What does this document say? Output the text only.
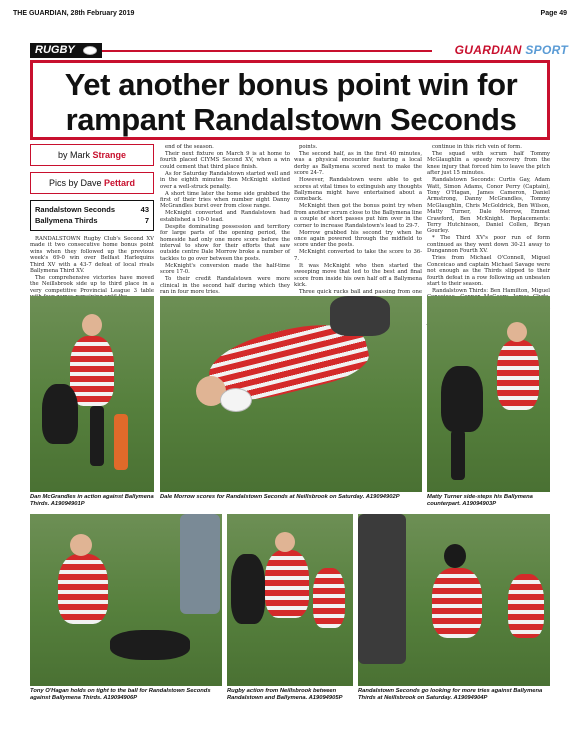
THE GUARDIAN, 28th February 2019	Page 49
RUGBY	GUARDIAN SPORT
Yet another bonus point win for rampant Randalstown Seconds
by Mark Strange
Pics by Dave Pettard
Randalstown Seconds	43
Ballymena Thirds	7

RANDALSTOWN Rugby Club's Second XV made it two consecutive home bonus point wins when they followed up the previous week's 69-0 win over Belfast Harlequins Third XV with a 43-7 defeat of local rivals Ballymena Third XV.

The comprehensive victories have moved the Neillsbrook side up to third place in a very competitive Provincial League 3 table

end of the season.

Their next fixture on March 9 is at home to fourth placed CIYMS Second XV, when a win could cement that third place finish.

As for Saturday Randalstown started well and in the eighth minutes Ben McKnight slotted over a well-struck penalty.

A short time later the home side grabbed the first of their tries when number eight Danny McGrandles burst over from close range.

McKnight converted and Randalstown had established a 10-0 lead.

Despite dominating possession and territory for large parts of the opening period, the homeside had only one more score before the interval to show for their efforts that saw outside centre Dale Morrow broke a number of tackles to go over between the posts.

McKnight's conversion made the half-time score 17-0.

To their credit Randalstown were more clinical in the second half during which they ran in four more tries.

points.

The second half, as in the first 40 minutes, was a physical encounter featuring a local derby as Ballymena scored next to make the score 24-7.

However, Randalstown were able to get scores at vital times to extinguish any thoughts Ballymena might have entertained about a comeback.

McKnight then got the bonus point try when from another scrum close to the Ballymena line a couple of short passes put him over in the corner to increase Randalstown's lead to 29-7.

Morrow grabbed his second try when he once again powered through the midfield to score under the posts.

McKnight converted to take the score to 36-7.

It was McKnight who then started the sweeping move that led to the best and final score from inside his own half off a Ballymena kick.

Three quick rucks ball and passing from one

continue in this rich vein of form.

The squad with scrum half Tommy McGlaughlin a speedy recovery from the knee injury that forced him to leave the pitch after just 15 minutes.

Randalstown Seconds: Curtis Gay, Adam Watt, Simon Adams, Conor Perry (Captain), Tony O'Hagan, James Cameron, Daniel Armstrong, Danny McGrandles, Tommy McGlaughlin, Chris McGoldrick, Ben Wilson, Matty Turner, Dale Morrow, Emmet Crawford, Ben McKnight. Replacements: Terry Hutchinson, Daniel Collen, Bryan Gourley.

* The Third XV's poor run of form continued as they went down 30-21 away to Dungannon Fourth XV.

Tries from Michael O'Connell, Miguel Conceicao and captain Michael Savage were not enough as the Thirds slipped to their fourth defeat in a row following an unbeaten start to their season.

Randalstown Thirds: Ben Hamilton, Miguel

Dan McGrandles in action against Ballymena Thirds. A19094901P
Dale Morrow scores for Randalstown Seconds at Neillsbrook on Saturday. A19094902P	Matty Turner side-steps his Ballymena counterpart. A19094903P
Tony O'Hagan holds on tight to the ball for Randalstown Seconds against Ballymena Thirds. A19094906P
Rugby action from Neillsbrook between Randalstown and Ballymena. A19094905P
Randalstown Seconds go looking for more tries against Ballymena Thirds at Neillsbrook on Saturday. A19094904P
